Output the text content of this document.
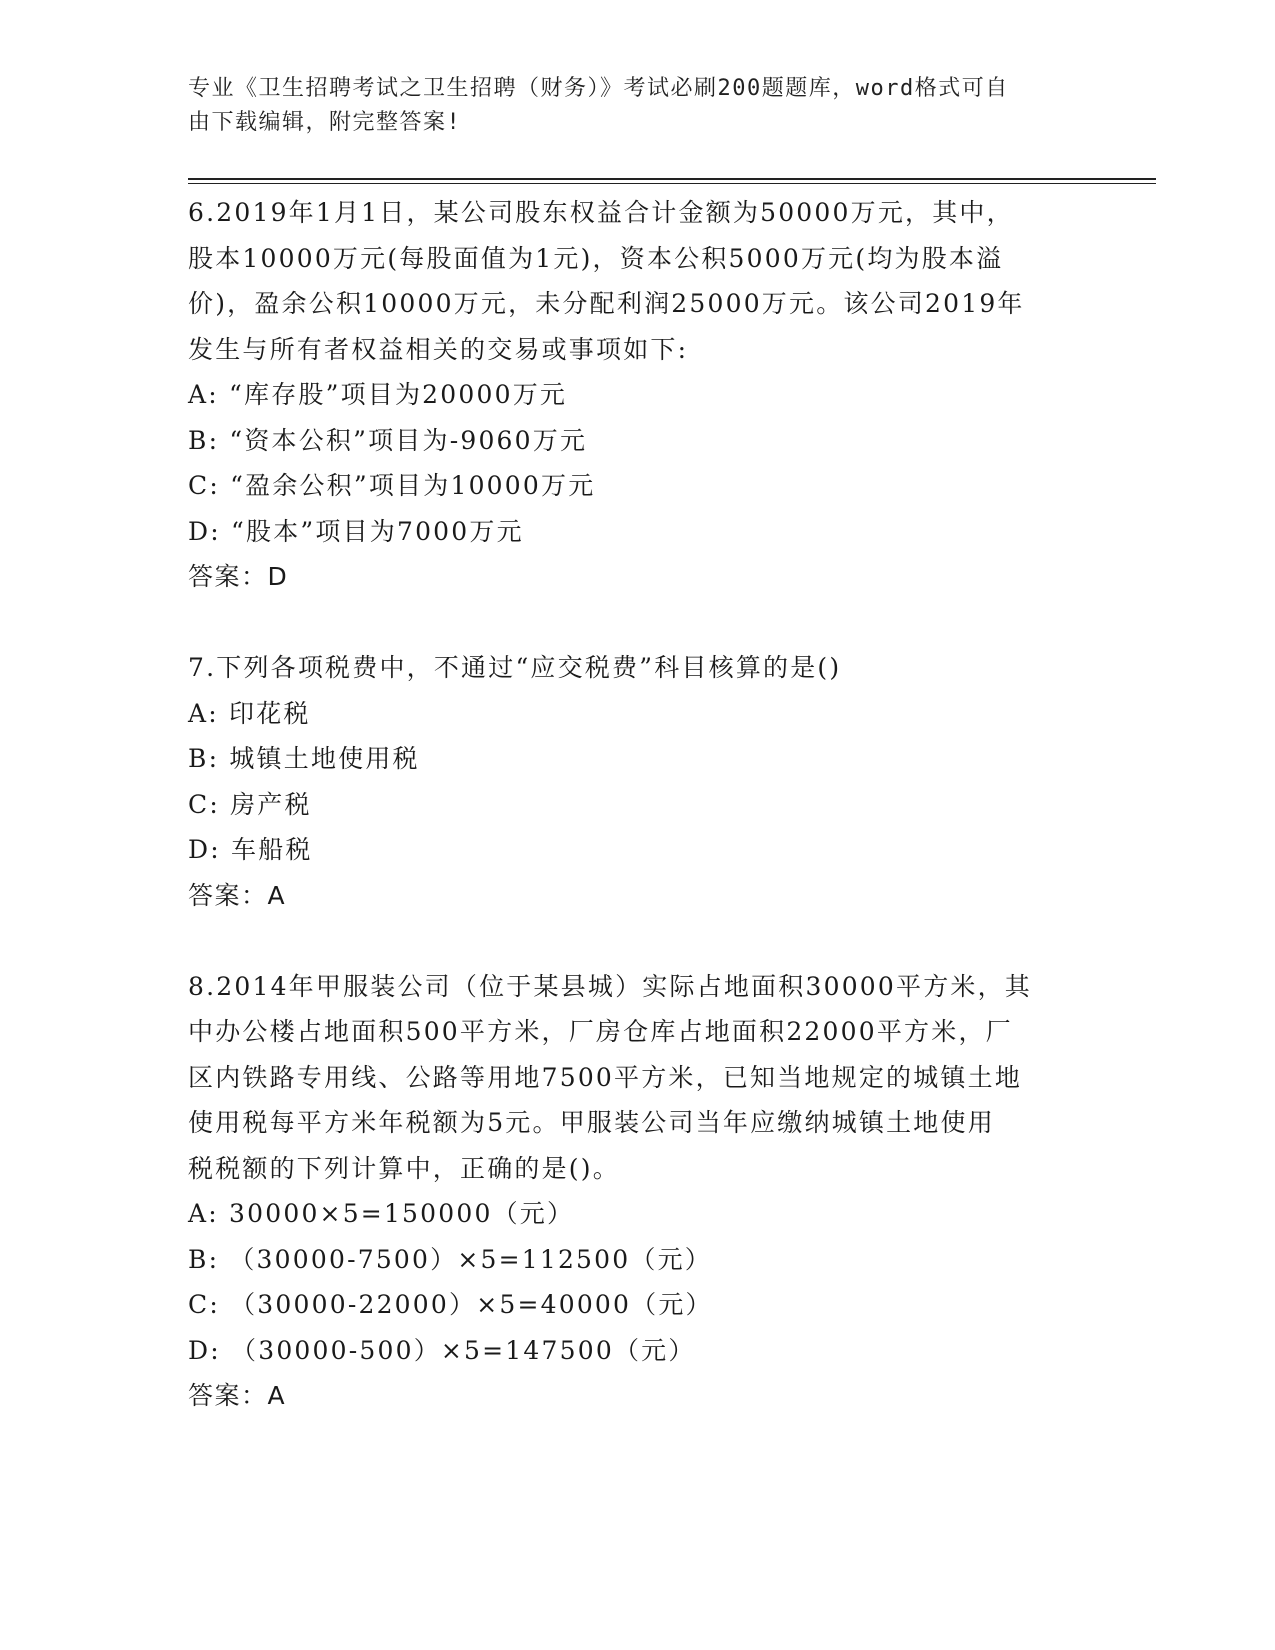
专业《卫生招聘考试之卫生招聘（财务）》考试必刷200题题库，word格式可自
由下载编辑，附完整答案!
6.2019年1月1日，某公司股东权益合计金额为50000万元，其中，
股本10000万元(每股面值为1元)，资本公积5000万元(均为股本溢
价)，盈余公积10000万元，未分配利润25000万元。该公司2019年
发生与所有者权益相关的交易或事项如下:
A: “库存股”项目为20000万元
B: “资本公积”项目为-9060万元
C: “盈余公积”项目为10000万元
D: “股本”项目为7000万元
答案：D
7.下列各项税费中，不通过“应交税费”科目核算的是()
A: 印花税
B: 城镇土地使用税
C: 房产税
D: 车船税
答案：A
8.2014年甲服装公司（位于某县城）实际占地面积30000平方米，其
中办公楼占地面积500平方米，厂房仓库占地面积22000平方米，厂
区内铁路专用线、公路等用地7500平方米，已知当地规定的城镇土地
使用税每平方米年税额为5元。甲服装公司当年应缴纳城镇土地使用
税税额的下列计算中，正确的是()。
A: 30000×5=150000（元）
B: （30000-7500）×5=112500（元）
C: （30000-22000）×5=40000（元）
D: （30000-500）×5=147500（元）
答案：A
